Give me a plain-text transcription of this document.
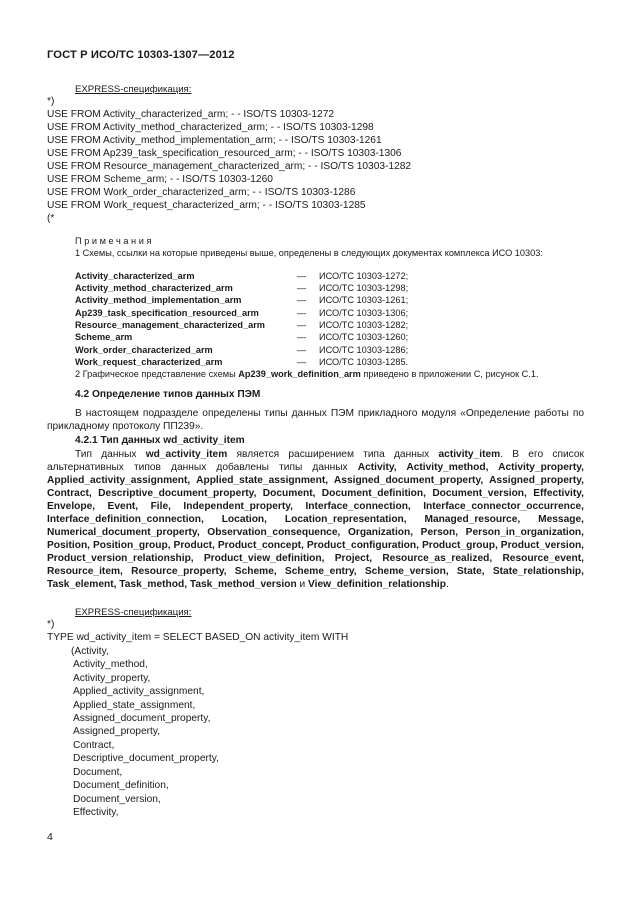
ГОСТ Р ИСО/ТС 10303-1307—2012
EXPRESS-спецификация:
*)
USE FROM Activity_characterized_arm; - - ISO/TS 10303-1272
USE FROM Activity_method_characterized_arm; - - ISO/TS 10303-1298
USE FROM Activity_method_implementation_arm; - - ISO/TS 10303-1261
USE FROM Ap239_task_specification_resourced_arm; - - ISO/TS 10303-1306
USE FROM Resource_management_characterized_arm; - - ISO/TS 10303-1282
USE FROM Scheme_arm; - - ISO/TS 10303-1260
USE FROM Work_order_characterized_arm; - - ISO/TS 10303-1286
USE FROM Work_request_characterized_arm; - - ISO/TS 10303-1285
(*
Примечания
1 Схемы, ссылки на которые приведены выше, определены в следующих документах комплекса ИСО 10303:
Activity_characterized_arm	— ИСО/ТС 10303-1272;
Activity_method_characterized_arm	— ИСО/ТС 10303-1298;
Activity_method_implementation_arm	— ИСО/ТС 10303-1261;
Ap239_task_specification_resourced_arm	— ИСО/ТС 10303-1306;
Resource_management_characterized_arm	— ИСО/ТС 10303-1282;
Scheme_arm	— ИСО/ТС 10303-1260;
Work_order_characterized_arm	— ИСО/ТС 10303-1286;
Work_request_characterized_arm	— ИСО/ТС 10303-1285.
2 Графическое представление схемы Ap239_work_definition_arm приведено в приложении С, рисунок С.1.
4.2 Определение типов данных ПЭМ
В настоящем подразделе определены типы данных ПЭМ прикладного модуля «Определение работы по прикладному протоколу ПП239».
4.2.1 Тип данных wd_activity_item
Тип данных wd_activity_item является расширением типа данных activity_item. В его список альтернативных типов данных добавлены типы данных Activity, Activity_method, Activity_property, Applied_activity_assignment, Applied_state_assignment, Assigned_document_property, Assigned_property, Contract, Descriptive_document_property, Document, Document_definition, Document_version, Effectivity, Envelope, Event, File, Independent_property, Interface_connection, Interface_connector_occurrence, Interface_definition_connection, Location, Location_representation, Managed_resource, Message, Numerical_document_property, Observation_consequence, Organization, Person, Person_in_organization, Position, Position_group, Product, Product_concept, Product_configuration, Product_group, Product_version, Product_version_relationship, Product_view_definition, Project, Resource_as_realized, Resource_event, Resource_item, Resource_property, Scheme, Scheme_entry, Scheme_version, State, State_relationship, Task_element, Task_method, Task_method_version и View_definition_relationship.
EXPRESS-спецификация:
*)
TYPE wd_activity_item = SELECT BASED_ON activity_item WITH
(Activity,
Activity_method,
Activity_property,
Applied_activity_assignment,
Applied_state_assignment,
Assigned_document_property,
Assigned_property,
Contract,
Descriptive_document_property,
Document,
Document_definition,
Document_version,
Effectivity,
4
